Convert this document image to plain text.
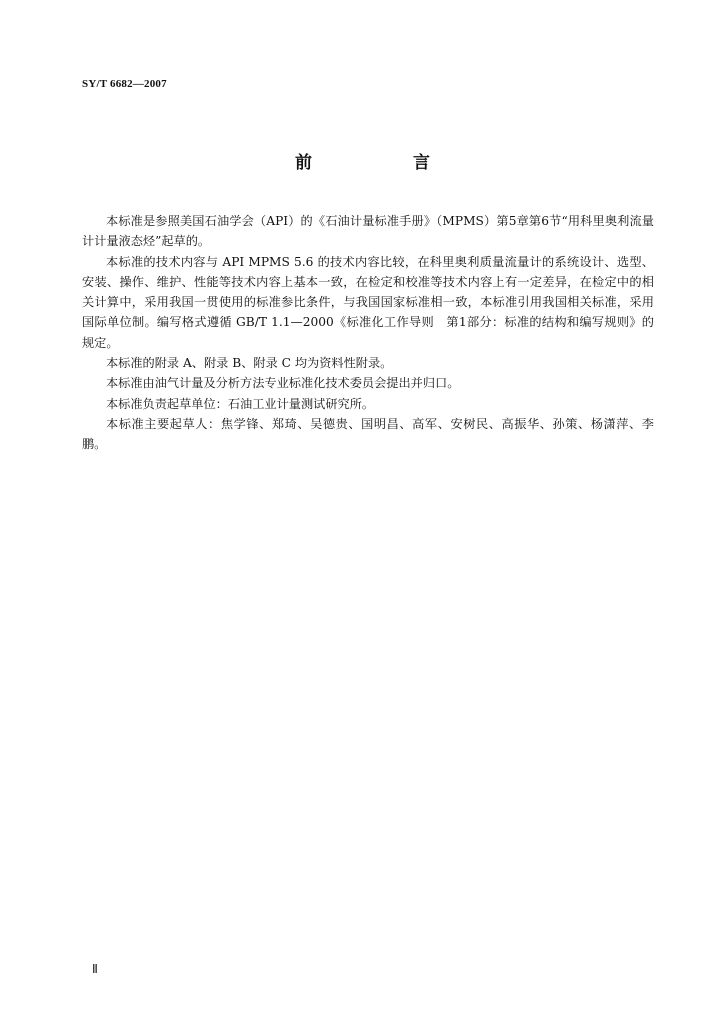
SY/T 6682—2007
前　言

本标准是参照美国石油学会（API）的《石油计量标准手册》（MPMS）第5章第6节“用科里奥利流量计计量液态烃”起草的。

本标准的技术内容与 API MPMS 5.6 的技术内容比较，在科里奥利质量流量计的系统设计、选型、安装、操作、维护、性能等技术内容上基本一致，在检定和校准等技术内容上有一定差异，在检定中的相关计算中，采用我国一贯使用的标准参比条件，与我国国家标准相一致，本标准引用我国相关标准，采用国际单位制。编写格式遵循 GB/T 1.1—2000《标准化工作导则　第1部分：标准的结构和编写规则》的规定。

本标准的附录 A、附录 B、附录 C 均为资料性附录。

本标准由油气计量及分析方法专业标准化技术委员会提出并归口。

本标准负责起草单位：石油工业计量测试研究所。

本标准主要起草人：焦学锋、郑琦、吴德贵、国明昌、高军、安树民、高振华、孙策、杨潇萍、李鹏。

Ⅱ
